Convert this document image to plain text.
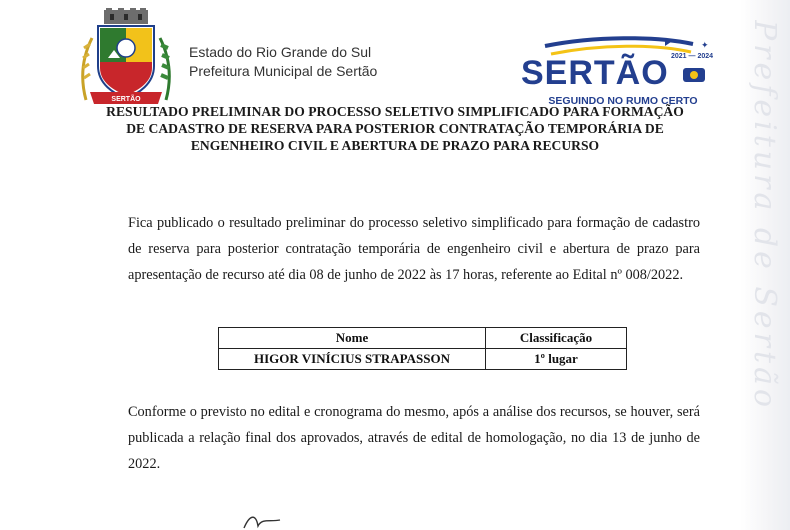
Prefeitura de Sertão
SERTÃO
Estado do Rio Grande do Sul
Prefeitura Municipal de Sertão
2021 — 2024
✦
SERTÃO
SEGUINDO NO RUMO CERTO
RESULTADO PRELIMINAR DO PROCESSO SELETIVO SIMPLIFICADO PARA FORMAÇÃO DE CADASTRO DE RESERVA PARA POSTERIOR CONTRATAÇÃO TEMPORÁRIA DE ENGENHEIRO CIVIL E ABERTURA DE PRAZO PARA RECURSO
Fica publicado o resultado preliminar do processo seletivo simplificado para formação de cadastro de reserva para posterior contratação temporária de engenheiro civil e abertura de prazo para apresentação de recurso até dia 08 de junho de 2022 às 17 horas, referente ao Edital nº 008/2022.
Nome	Classificação
HIGOR VINÍCIUS STRAPASSON	1º lugar
Conforme o previsto no edital e cronograma do mesmo, após a análise dos recursos, se houver, será publicada a relação final dos aprovados, através de edital de homologação, no dia 13 de junho de 2022.
